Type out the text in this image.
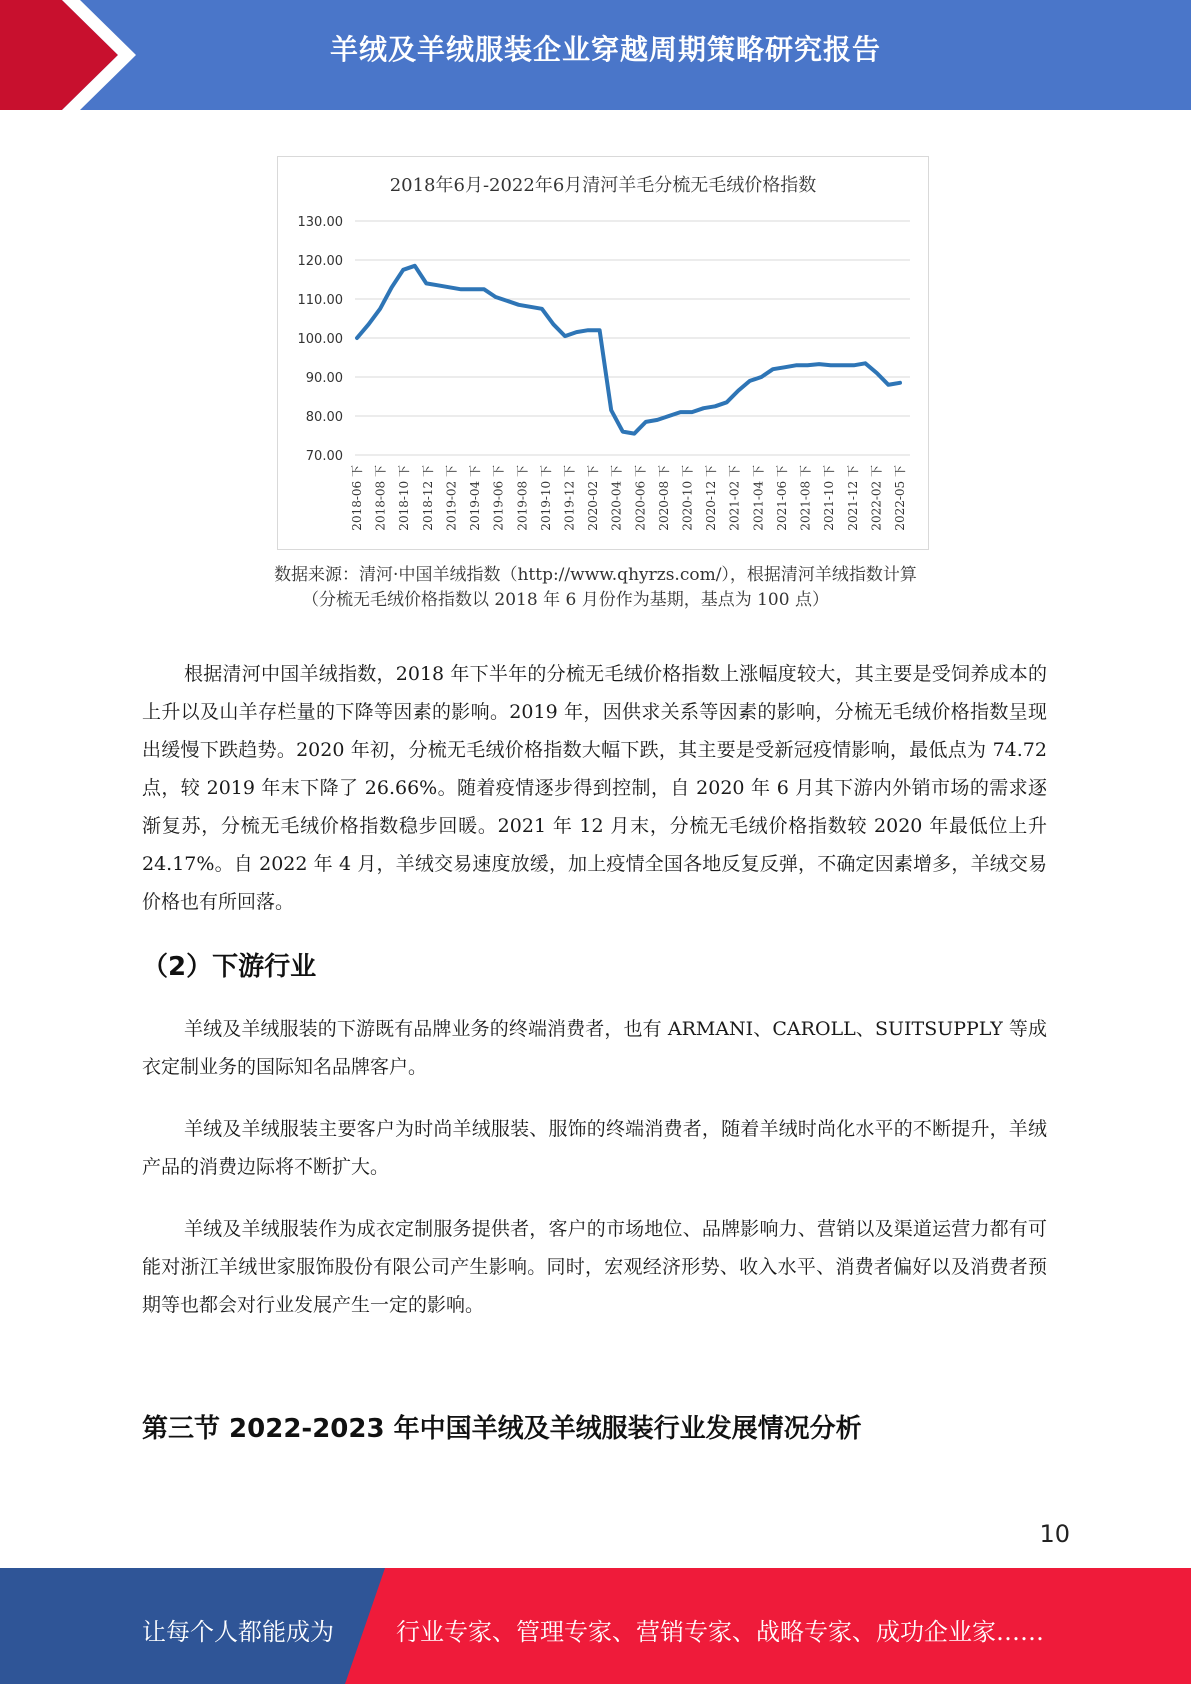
羊绒及羊绒服装企业穿越周期策略研究报告
2018年6月-2022年6月清河羊毛分梳无毛绒价格指数
130.00
120.00
110.00
100.00
90.00
80.00
70.00
2018-06 下 2018-08 下 2018-10 下 2018-12 下 2019-02 下 2019-04 下 2019-06 下 2019-08 下 2019-10 下 2019-12 下 2020-02 下 2020-04 下 2020-06 下 2020-08 下 2020-10 下 2020-12 下 2021-02 下 2021-04 下 2021-06 下 2021-08 下 2021-10 下 2021-12 下 2022-02 下 2022-05 下
数据来源：清河·中国羊绒指数（http://www.qhyrzs.com/），根据清河羊绒指数计算
（分梳无毛绒价格指数以 2018 年 6 月份作为基期，基点为 100 点）

根据清河中国羊绒指数，2018 年下半年的分梳无毛绒价格指数上涨幅度较大，其主要是受饲养成本的上升以及山羊存栏量的下降等因素的影响。2019 年，因供求关系等因素的影响，分梳无毛绒价格指数呈现出缓慢下跌趋势。2020 年初，分梳无毛绒价格指数大幅下跌，其主要是受新冠疫情影响，最低点为 74.72 点，较 2019 年末下降了 26.66%。随着疫情逐步得到控制，自 2020 年 6 月其下游内外销市场的需求逐渐复苏，分梳无毛绒价格指数稳步回暖。2021 年 12 月末，分梳无毛绒价格指数较 2020 年最低位上升 24.17%。自 2022 年 4 月，羊绒交易速度放缓，加上疫情全国各地反复反弹，不确定因素增多，羊绒交易价格也有所回落。

（2）下游行业

羊绒及羊绒服装的下游既有品牌业务的终端消费者，也有 ARMANI、CAROLL、SUITSUPPLY 等成衣定制业务的国际知名品牌客户。

羊绒及羊绒服装主要客户为时尚羊绒服装、服饰的终端消费者，随着羊绒时尚化水平的不断提升，羊绒产品的消费边际将不断扩大。

羊绒及羊绒服装作为成衣定制服务提供者，客户的市场地位、品牌影响力、营销以及渠道运营力都有可能对浙江羊绒世家服饰股份有限公司产生影响。同时，宏观经济形势、收入水平、消费者偏好以及消费者预期等也都会对行业发展产生一定的影响。

第三节 2022-2023 年中国羊绒及羊绒服装行业发展情况分析
10
让每个人都能成为	行业专家、管理专家、营销专家、战略专家、成功企业家……
